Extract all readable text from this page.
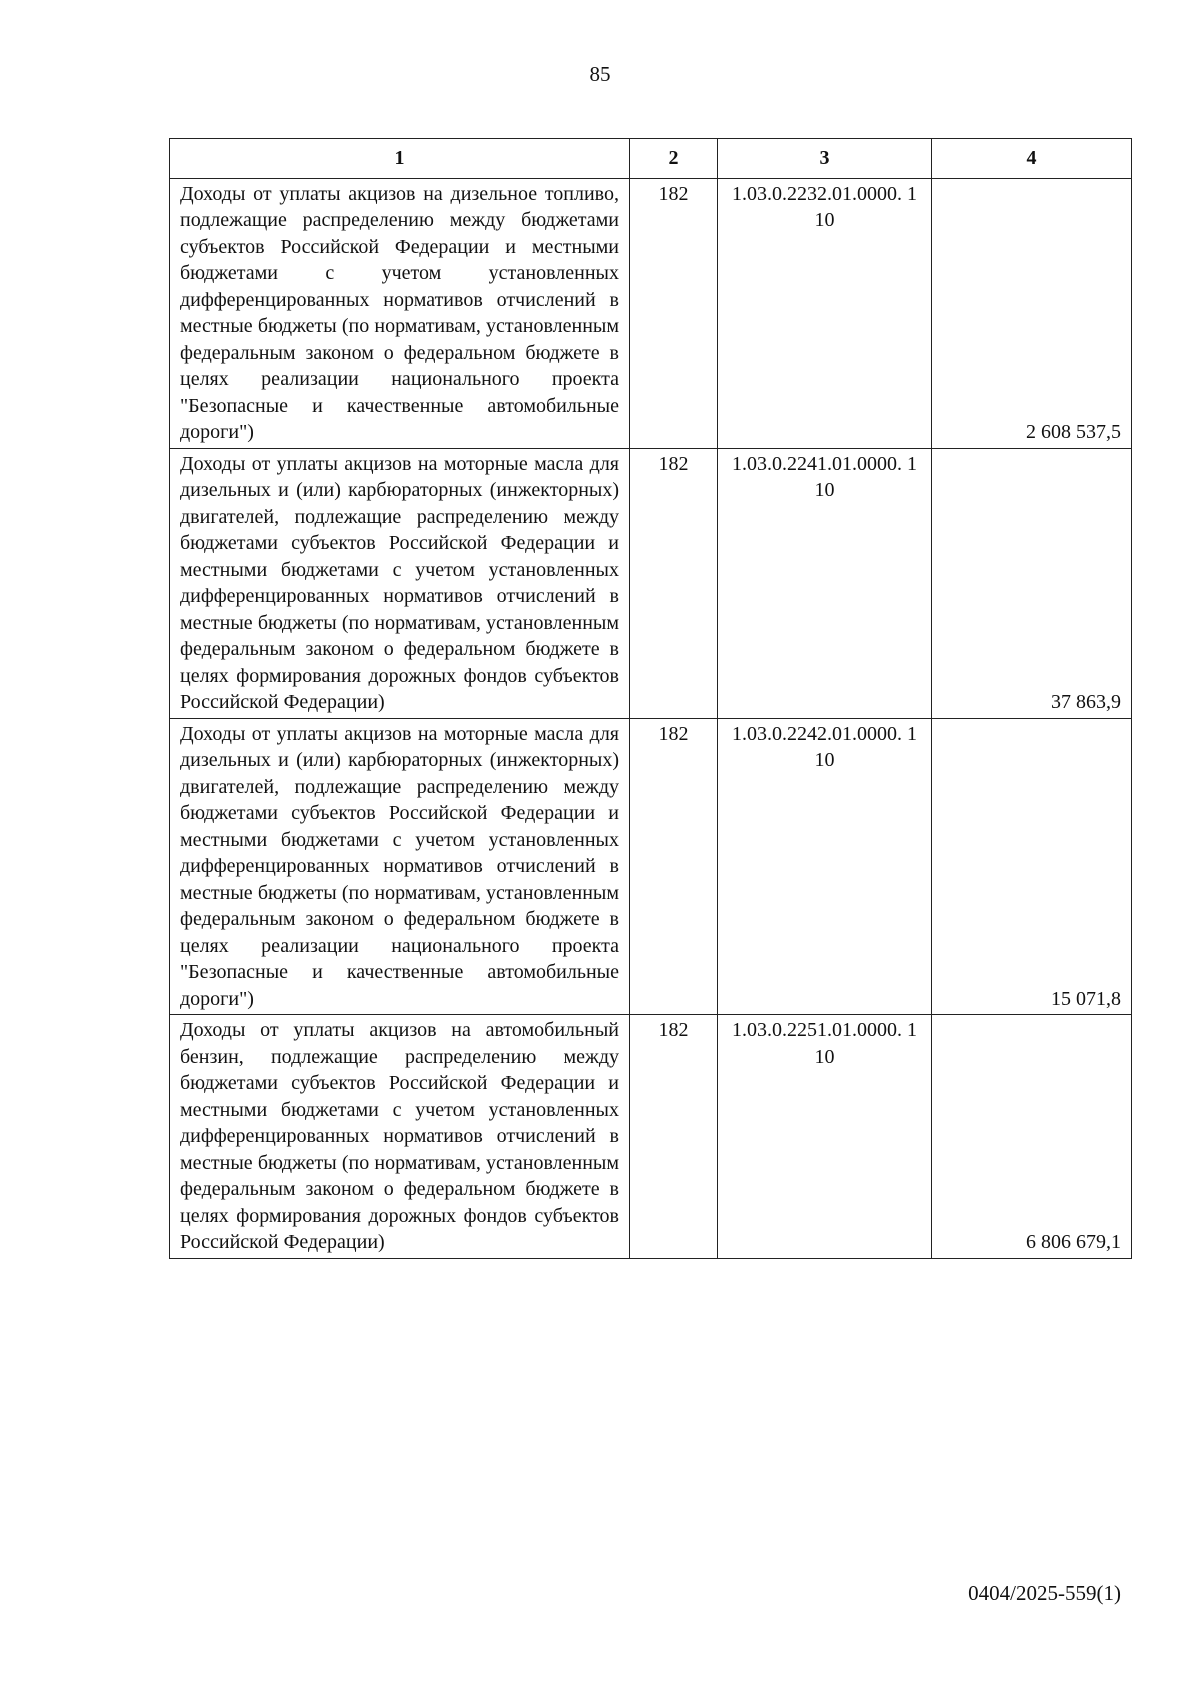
85
1	2	3	4
Доходы от уплаты акцизов на дизельное топливо, подлежащие распределению между бюджетами субъектов Российской Федерации и местными бюджетами с учетом установленных дифференцированных нормативов отчислений в местные бюджеты (по нормативам, установленным федеральным законом о федеральном бюджете в целях реализации национального проекта "Безопасные и качественные автомобильные дороги")	182	1.03.0.2232.01.0000. 110	2 608 537,5
Доходы от уплаты акцизов на моторные масла для дизельных и (или) карбюраторных (инжекторных) двигателей, подлежащие распределению между бюджетами субъектов Российской Федерации и местными бюджетами с учетом установленных дифференцированных нормативов отчислений в местные бюджеты (по нормативам, установленным федеральным законом о федеральном бюджете в целях формирования дорожных фондов субъектов Российской Федерации)	182	1.03.0.2241.01.0000. 110	37 863,9
Доходы от уплаты акцизов на моторные масла для дизельных и (или) карбюраторных (инжекторных) двигателей, подлежащие распределению между бюджетами субъектов Российской Федерации и местными бюджетами с учетом установленных дифференцированных нормативов отчислений в местные бюджеты (по нормативам, установленным федеральным законом о федеральном бюджете в целях реализации национального проекта "Безопасные и качественные автомобильные дороги")	182	1.03.0.2242.01.0000. 110	15 071,8
Доходы от уплаты акцизов на автомобильный бензин, подлежащие распределению между бюджетами субъектов Российской Федерации и местными бюджетами с учетом установленных дифференцированных нормативов отчислений в местные бюджеты (по нормативам, установленным федеральным законом о федеральном бюджете в целях формирования дорожных фондов субъектов Российской Федерации)	182	1.03.0.2251.01.0000. 110	6 806 679,1
0404/2025-559(1)
